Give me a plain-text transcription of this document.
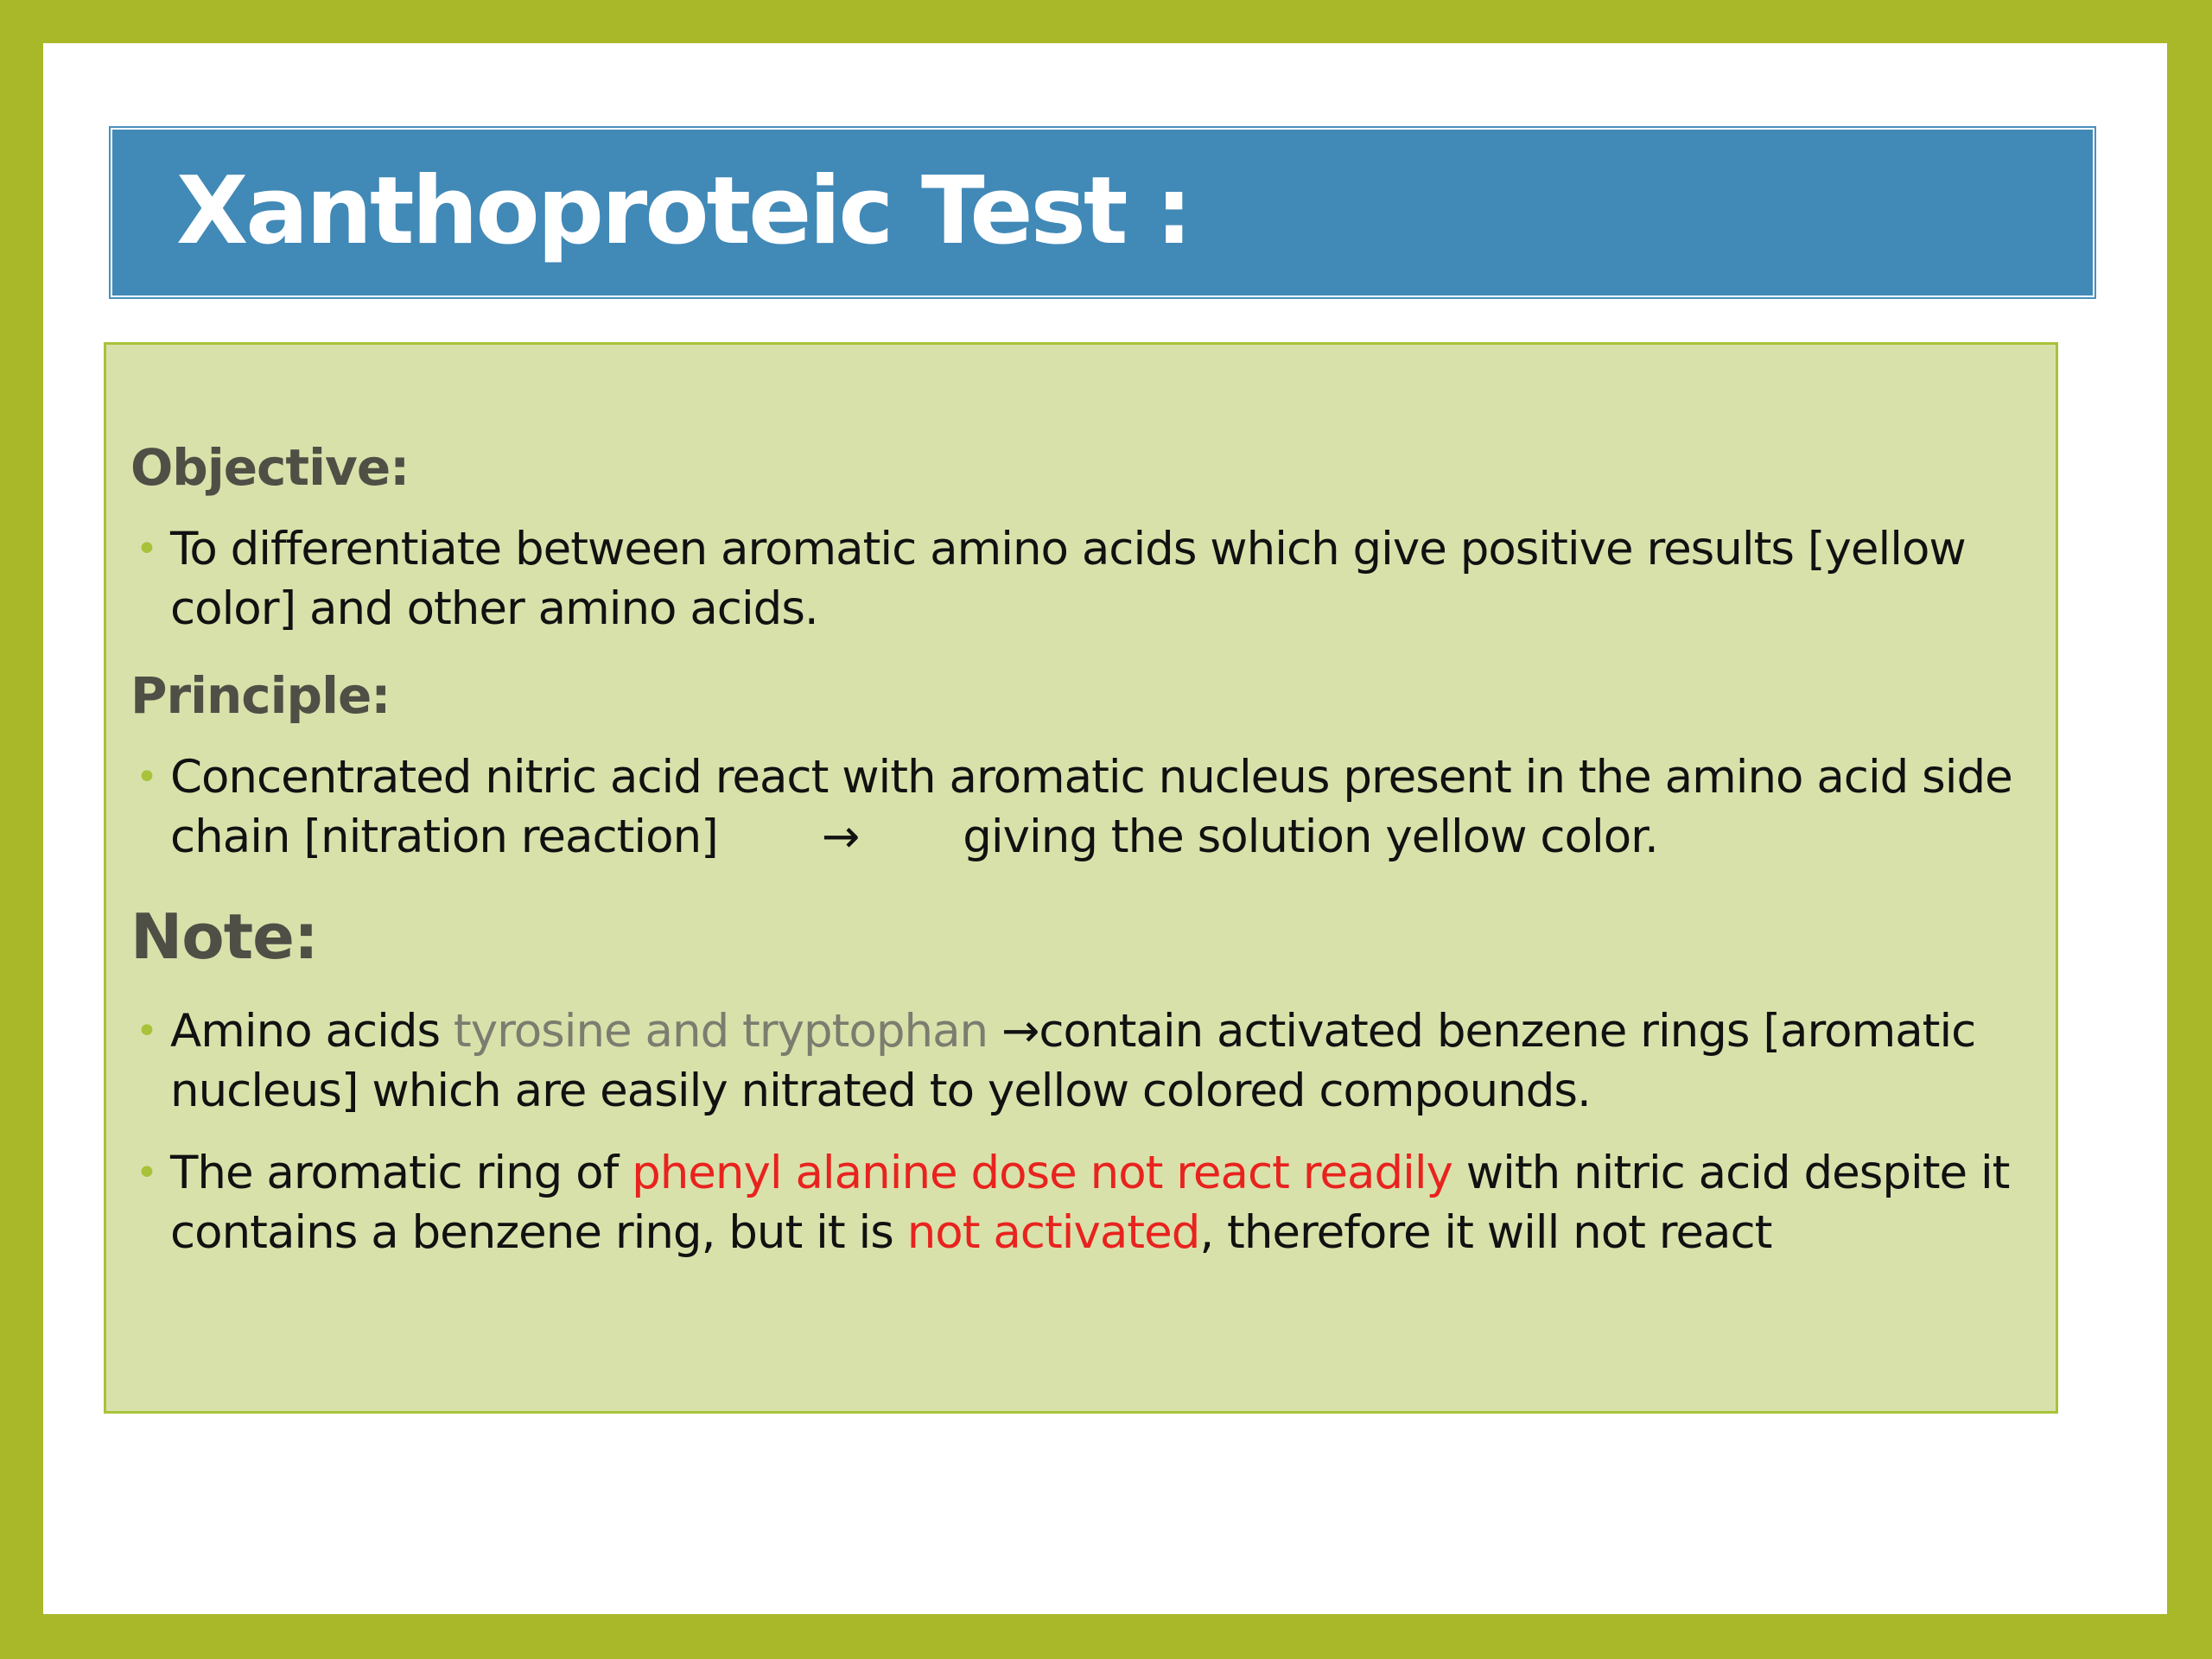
Xanthoproteic Test :

Objective:

• To differentiate between aromatic amino acids which give positive results [yellow color] and other amino acids.

Principle:

• Concentrated nitric acid react with aromatic nucleus present in the amino acid side chain [nitration reaction] → giving the solution yellow color.

Note:

• Amino acids tyrosine and tryptophan →contain activated benzene rings [aromatic nucleus] which are easily nitrated to yellow colored compounds.
• The aromatic ring of phenyl alanine dose not react readily with nitric acid despite it contains a benzene ring, but it is not activated, therefore it will not react
